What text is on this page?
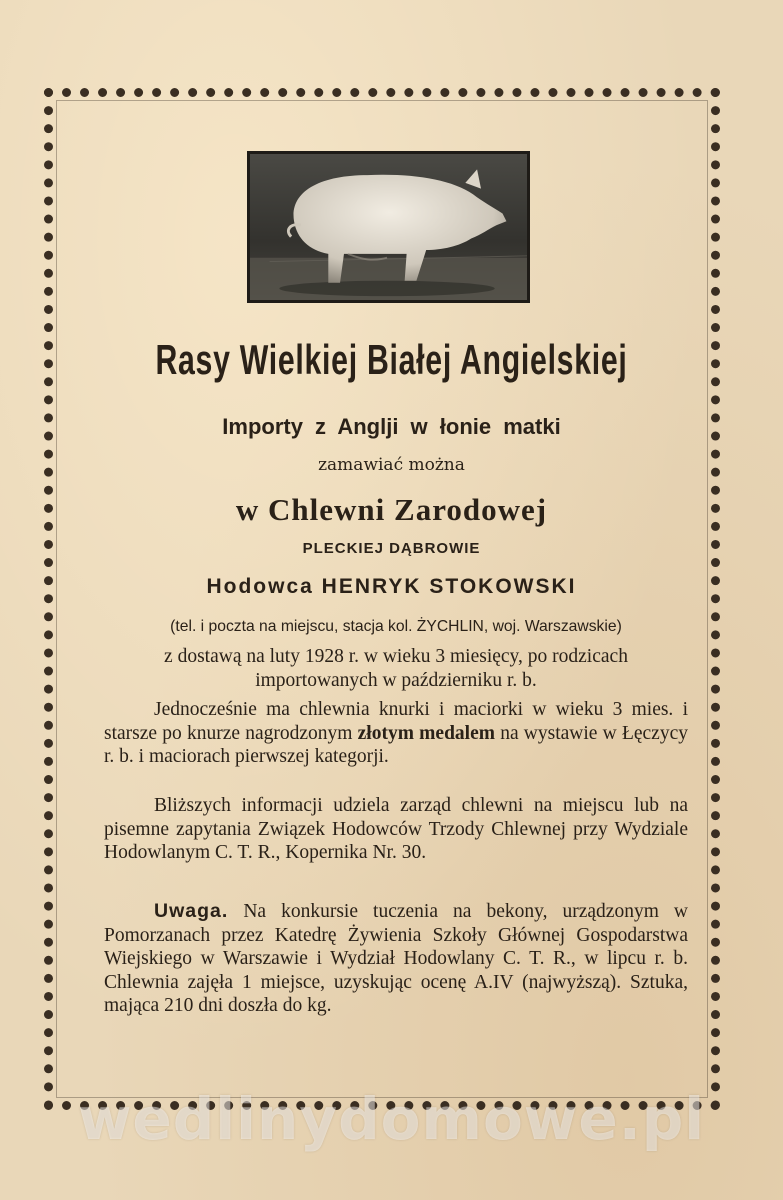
Rasy Wielkiej Białej Angielskiej
Importy z Anglji w łonie matki
zamawiać można
w Chlewni Zarodowej
PLECKIEJ DĄBROWIE
Hodowca HENRYK STOKOWSKI
(tel. i poczta na miejscu, stacja kol. ŻYCHLIN, woj. Warszawskie)
z dostawą na luty 1928 r. w wieku 3 miesięcy, po rodzicach importowanych w październiku r. b.
Jednocześnie ma chlewnia knurki i maciorki w wieku 3 mies. i starsze po knurze nagrodzonym złotym medalem na wystawie w Łęczycy r. b. i maciorach pierwszej kategorji.
Bliższych informacji udziela zarząd chlewni na miejscu lub na pisemne zapytania Związek Hodowców Trzody Chlewnej przy Wydziale Hodowlanym C. T. R., Kopernika Nr. 30.
Uwaga. Na konkursie tuczenia na bekony, urządzonym w Pomorzanach przez Katedrę Żywienia Szkoły Głównej Gospodarstwa Wiejskiego w Warszawie i Wydział Hodowlany C. T. R., w lipcu r. b. Chlewnia zajęła 1 miejsce, uzyskując ocenę A.IV (najwyższą). Sztuka, mająca 210 dni doszła do kg.
wedlinydomowe.pl
